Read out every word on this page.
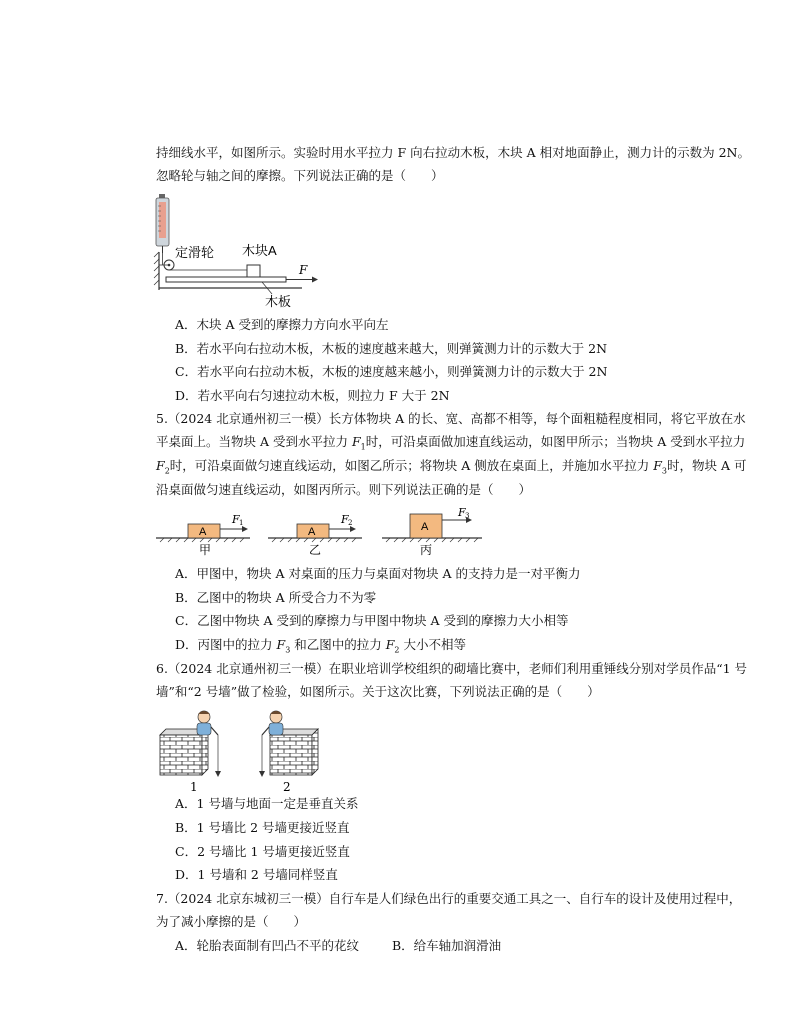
持细线水平，如图所示。实验时用水平拉力 F 向右拉动木板，木块 A 相对地面静止，测力计的示数为 2N。
忽略轮与轴之间的摩擦。下列说法正确的是（　　）
定滑轮 木块A
F
木板
A．木块 A 受到的摩擦力方向水平向左
B．若水平向右拉动木板，木板的速度越来越大，则弹簧测力计的示数大于 2N
C．若水平向右拉动木板，木板的速度越来越小，则弹簧测力计的示数大于 2N
D．若水平向右匀速拉动木板，则拉力 F 大于 2N
5.（2024 北京通州初三一模）长方体物块 A 的长、宽、高都不相等，每个面粗糙程度相同，将它平放在水
平桌面上。当物块 A 受到水平拉力 $F_1$时，可沿桌面做加速直线运动，如图甲所示；当物块 A 受到水平拉力
$F_2$时，可沿桌面做匀速直线运动，如图乙所示；将物块 A 侧放在桌面上，并施加水平拉力 $F_3$时，物块 A 可
沿桌面做匀速直线运动，如图丙所示。则下列说法正确的是（　　）
A
F 1
甲
A
F 2
乙
A
F 3
丙
A．甲图中，物块 A 对桌面的压力与桌面对物块 A 的支持力是一对平衡力
B．乙图中的物块 A 所受合力不为零
C．乙图中物块 A 受到的摩擦力与甲图中物块 A 受到的摩擦力大小相等
D．丙图中的拉力 $F_3$ 和乙图中的拉力 $F_2$ 大小不相等
6.（2024 北京通州初三一模）在职业培训学校组织的砌墙比赛中，老师们利用重锤线分别对学员作品“1 号
墙”和“2 号墙”做了检验，如图所示。关于这次比赛，下列说法正确的是（　　）
1	2
A．1 号墙与地面一定是垂直关系
B．1 号墙比 2 号墙更接近竖直
C．2 号墙比 1 号墙更接近竖直
D．1 号墙和 2 号墙同样竖直
7.（2024 北京东城初三一模）自行车是人们绿色出行的重要交通工具之一、自行车的设计及使用过程中，
为了减小摩擦的是（　　）
A．轮胎表面制有凹凸不平的花纹	B．给车轴加润滑油
